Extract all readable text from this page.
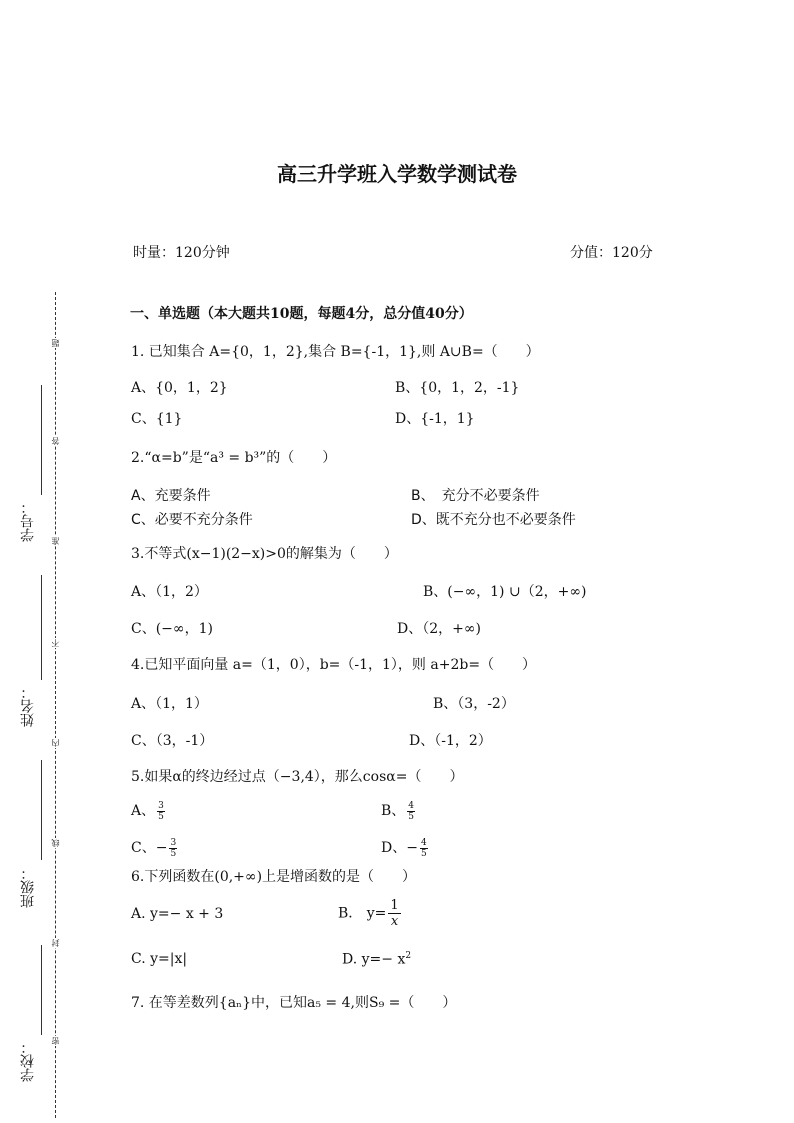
学号：
姓名：
班级：
学校：
题
答
准
不
内
线
封
密
高三升学班入学数学测试卷
时量：120分钟	分值：120分
一、单选题（本大题共10题，每题4分，总分值40分）
1. 已知集合 A={0，1，2},集合 B={-1，1},则 A∪B=（　　）
A、{0，1，2}	B、{0，1，2，-1}
C、{1}	D、{-1，1}
2.“α=b”是“a³ = b³”的（　　）
A、充要条件	B、　充分不必要条件
C、必要不充分条件	D、既不充分也不必要条件
3.不等式(x−1)(2−x)>0的解集为（　　）
A、（1，2）	B、(−∞，1) ∪（2，+∞)
C、(−∞，1)	D、（2，+∞)
4.已知平面向量 a=（1，0），b=（-1，1），则 a+2b=（　　）
A、（1，1）	B、（3，-2）
C、（3，-1）	D、（-1，2）
5.如果α的终边经过点（−3,4），那么cosα=（　　）
A、 $\frac{3}{5}$	B、 $\frac{4}{5}$
C、− $\frac{3}{5}$	D、− $\frac{4}{5}$
6.下列函数在(0,+∞)上是增函数的是（　　）
A. y=− x + 3	B． $y= \frac{1}{x}$
C. y=|x|	D. $y=- x^2$
7. 在等差数列{aₙ}中，已知a₅ = 4,则S₉ =（　　）
